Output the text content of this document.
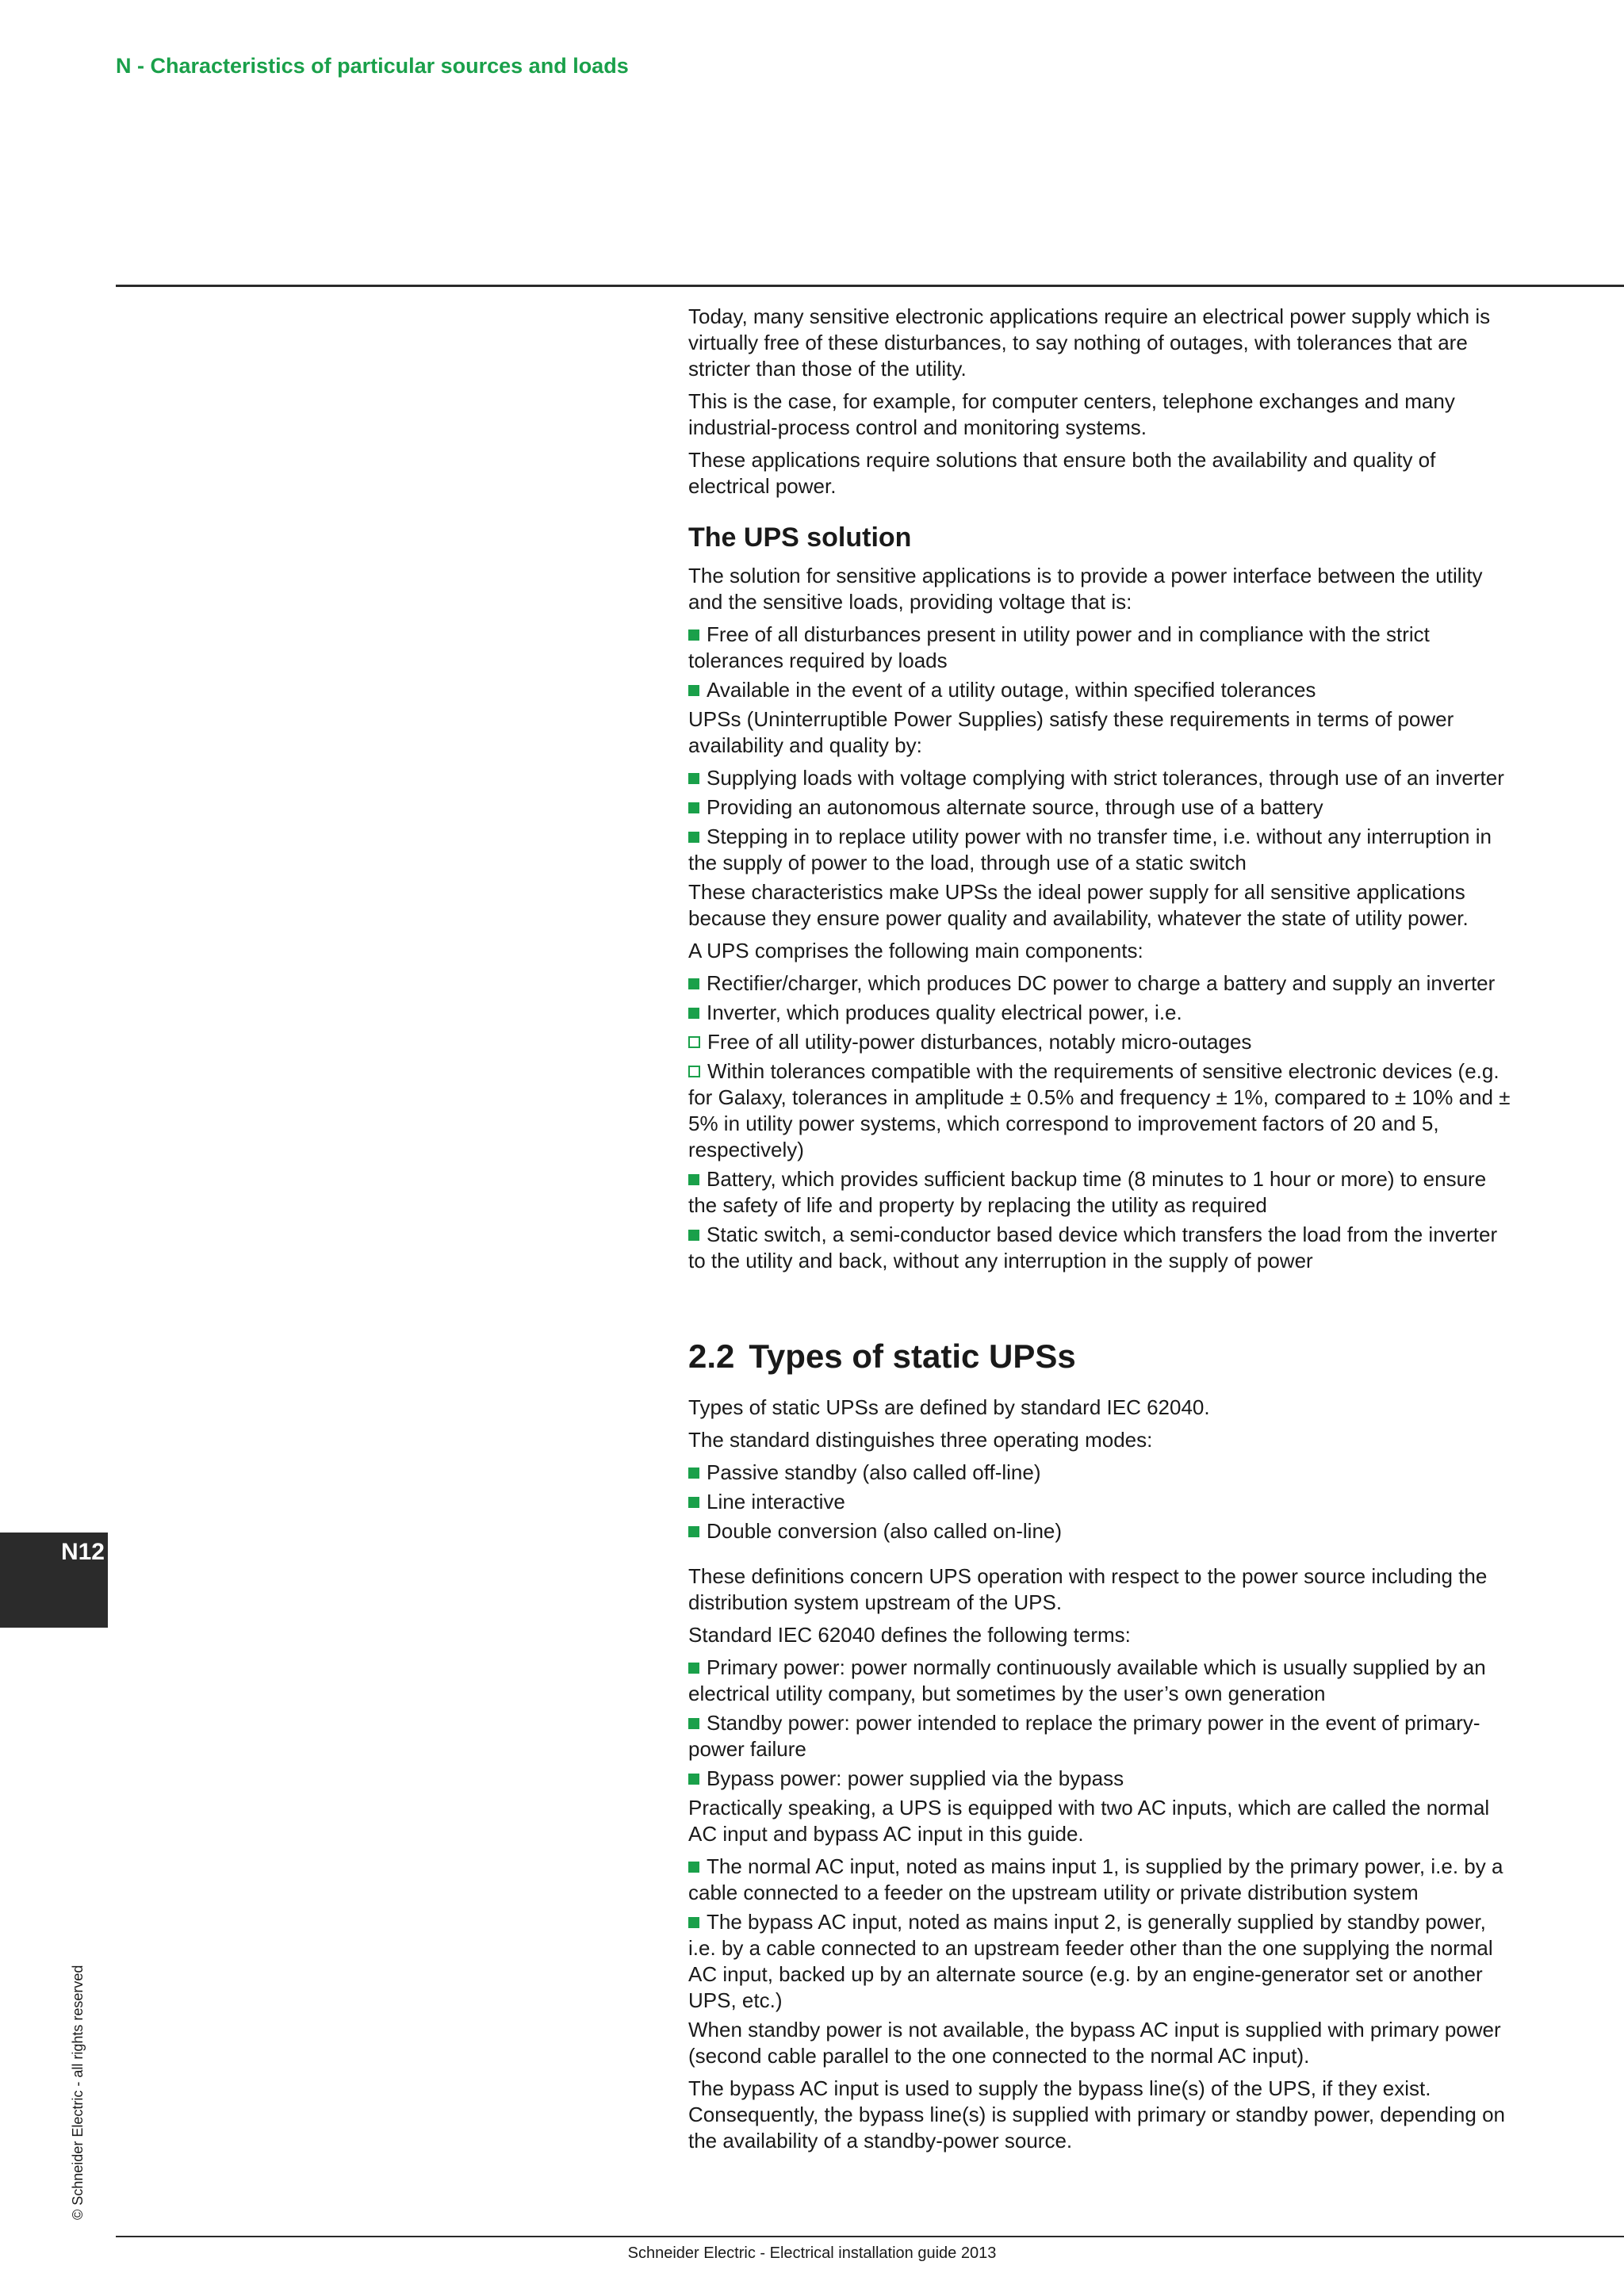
N - Characteristics of particular sources and loads
N12
© Schneider Electric - all rights reserved

Today, many sensitive electronic applications require an electrical power supply which is virtually free of these disturbances, to say nothing of outages, with tolerances that are stricter than those of the utility.

This is the case, for example, for computer centers, telephone exchanges and many industrial-process control and monitoring systems.

These applications require solutions that ensure both the availability and quality of electrical power.

The UPS solution

The solution for sensitive applications is to provide a power interface between the utility and the sensitive loads, providing voltage that is:

Free of all disturbances present in utility power and in compliance with the strict tolerances required by loads

Available in the event of a utility outage, within specified tolerances

UPSs (Uninterruptible Power Supplies) satisfy these requirements in terms of power availability and quality by:

Supplying loads with voltage complying with strict tolerances, through use of an inverter

Providing an autonomous alternate source, through use of a battery

Stepping in to replace utility power with no transfer time, i.e. without any interruption in the supply of power to the load, through use of a static switch

These characteristics make UPSs the ideal power supply for all sensitive applications because they ensure power quality and availability, whatever the state of utility power.

A UPS comprises the following main components:

Rectifier/charger, which produces DC power to charge a battery and supply an inverter

Inverter, which produces quality electrical power, i.e.

Free of all utility-power disturbances, notably micro-outages

Within tolerances compatible with the requirements of sensitive electronic devices (e.g. for Galaxy, tolerances in amplitude ± 0.5% and frequency ± 1%, compared to ± 10% and ± 5% in utility power systems, which correspond to improvement factors of 20 and 5, respectively)

Battery, which provides sufficient backup time (8 minutes to 1 hour or more) to ensure the safety of life and property by replacing the utility as required

Static switch, a semi-conductor based device which transfers the load from the inverter to the utility and back, without any interruption in the supply of power

2.2 Types of static UPSs

Types of static UPSs are defined by standard IEC 62040.

The standard distinguishes three operating modes:

Passive standby (also called off-line)

Line interactive

Double conversion (also called on-line)

These definitions concern UPS operation with respect to the power source including the distribution system upstream of the UPS.

Standard IEC 62040 defines the following terms:

Primary power: power normally continuously available which is usually supplied by an electrical utility company, but sometimes by the user’s own generation

Standby power: power intended to replace the primary power in the event of primary-power failure

Bypass power: power supplied via the bypass

Practically speaking, a UPS is equipped with two AC inputs, which are called the normal AC input and bypass AC input in this guide.

The normal AC input, noted as mains input 1, is supplied by the primary power, i.e. by a cable connected to a feeder on the upstream utility or private distribution system

The bypass AC input, noted as mains input 2, is generally supplied by standby power, i.e. by a cable connected to an upstream feeder other than the one supplying the normal AC input, backed up by an alternate source (e.g. by an engine-generator set or another UPS, etc.)

When standby power is not available, the bypass AC input is supplied with primary power (second cable parallel to the one connected to the normal AC input).

The bypass AC input is used to supply the bypass line(s) of the UPS, if they exist. Consequently, the bypass line(s) is supplied with primary or standby power, depending on the availability of a standby-power source.

Schneider Electric - Electrical installation guide 2013
